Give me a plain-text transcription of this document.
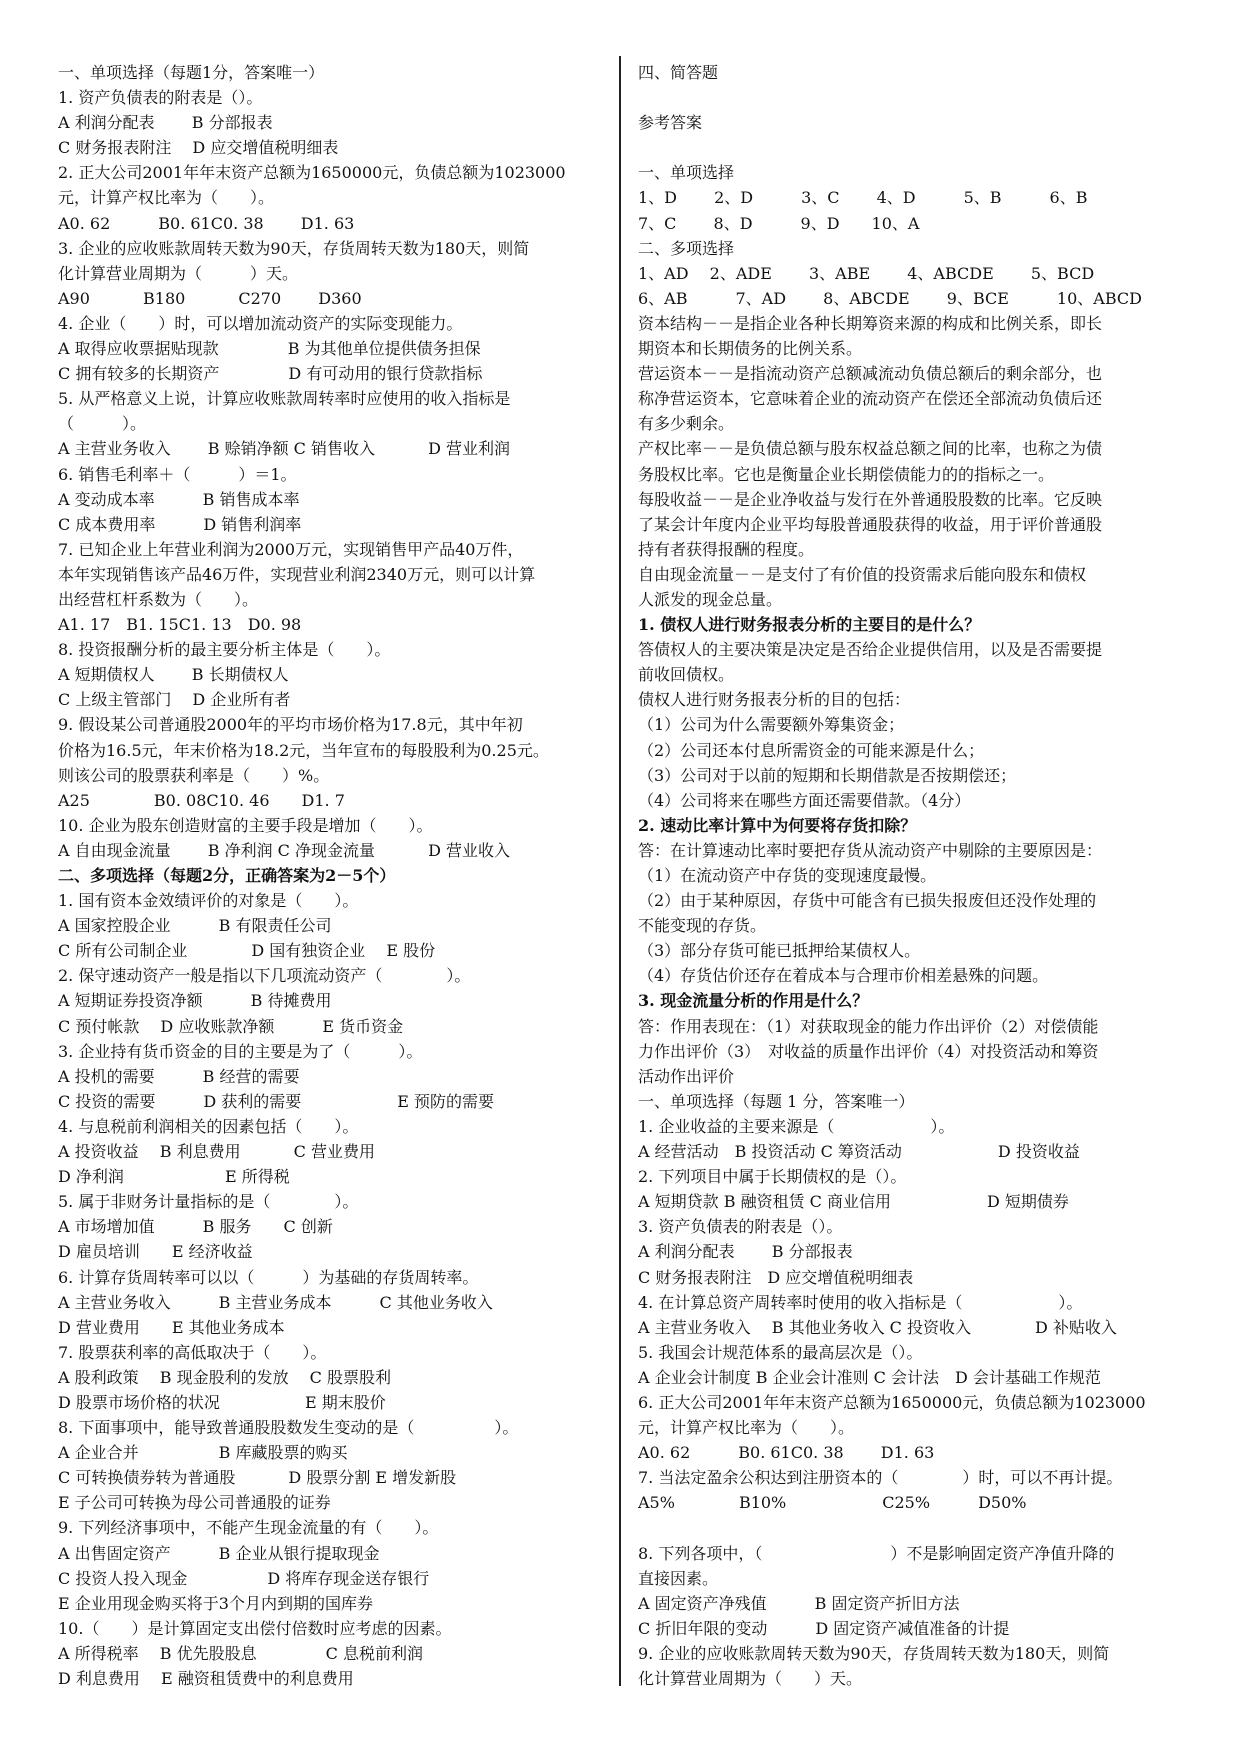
一、单项选择（每题1分，答案唯一）
1. 资产负债表的附表是（）。
A 利润分配表　　 B 分部报表
C 财务报表附注　 D 应交增值税明细表
2. 正大公司2001年年末资产总额为1650000元，负债总额为1023000
元，计算产权比率为（　　）。
A0. 62　　　B0. 61C0. 38　　 D1. 63
3. 企业的应收账款周转天数为90天，存货周转天数为180天，则简
化计算营业周期为（　　　）天。
A90　　　 B180　　　 C270　　 D360
4. 企业（　　）时，可以增加流动资产的实际变现能力。
A 取得应收票据贴现款　　　　 B 为其他单位提供债务担保
C 拥有较多的长期资产　　　　 D 有可动用的银行贷款指标
5. 从严格意义上说，计算应收账款周转率时应使用的收入指标是
（　　　）。
A 主营业务收入　　 B 赊销净额 C 销售收入　　　 D 营业利润
6. 销售毛利率＋（　　　）＝1。
A 变动成本率　　　B 销售成本率
C 成本费用率　　　D 销售利润率
7. 已知企业上年营业利润为2000万元，实现销售甲产品40万件，
本年实现销售该产品46万件，实现营业利润2340万元，则可以计算
出经营杠杆系数为（　　）。
A1. 17　B1. 15C1. 13　D0. 98
8. 投资报酬分析的最主要分析主体是（　　）。
A 短期债权人　　 B 长期债权人
C 上级主管部门　 D 企业所有者
9. 假设某公司普通股2000年的平均市场价格为17.8元，其中年初
价格为16.5元，年末价格为18.2元，当年宣布的每股股利为0.25元。
则该公司的股票获利率是（　　）%。
A25　　　　B0. 08C10. 46　　D1. 7
10. 企业为股东创造财富的主要手段是增加（　　）。
A 自由现金流量　　 B 净利润 C 净现金流量　　　 D 营业收入
二、多项选择（每题2分，正确答案为2－5个）
1. 国有资本金效绩评价的对象是（　　）。
A 国家控股企业　　　B 有限责任公司
C 所有公司制企业　　　　D 国有独资企业　 E 股份
2. 保守速动资产一般是指以下几项流动资产（　　　　）。
A 短期证券投资净额　　　B 待摊费用
C 预付帐款　 D 应收账款净额　　　E 货币资金
3. 企业持有货币资金的目的主要是为了（　　　）。
A 投机的需要　　　B 经营的需要
C 投资的需要　　　D 获利的需要　　　　　　E 预防的需要
4. 与息税前利润相关的因素包括（　　）。
A 投资收益　 B 利息费用　　　 C 营业费用
D 净利润　　　　　　 E 所得税
5. 属于非财务计量指标的是（　　　　）。
A 市场增加值　　　B 服务　　C 创新
D 雇员培训　　E 经济收益
6. 计算存货周转率可以以（　　　）为基础的存货周转率。
A 主营业务收入　　　B 主营业务成本　　　C 其他业务收入
D 营业费用　　E 其他业务成本
7. 股票获利率的高低取决于（　　）。
A 股利政策　 B 现金股利的发放　 C 股票股利
D 股票市场价格的状况　　　　　 E 期末股价
8. 下面事项中，能导致普通股股数发生变动的是（　　　　　）。
A 企业合并　　　　　B 库藏股票的购买
C 可转换债券转为普通股　　　 D 股票分割 E 增发新股
E 子公司可转换为母公司普通股的证券
9. 下列经济事项中，不能产生现金流量的有（　　）。
A 出售固定资产　　　B 企业从银行提取现金
C 投资人投入现金　　　　　D 将库存现金送存银行
E 企业用现金购买将于3个月内到期的国库券
10.（　　）是计算固定支出偿付倍数时应考虑的因素。
A 所得税率　 B 优先股股息　　　　 C 息税前利润
D 利息费用　 E 融资租赁费中的利息费用
四、简答题
参考答案
一、单项选择
1、D　　 2、D　　　3、C　　 4、D　　　5、B　　　6、B
7、C　　 8、D　　　9、D　　10、A
二、多项选择
1、AD　 2、ADE　　 3、ABE　　 4、ABCDE　　 5、BCD
6、AB　　　7、AD　　 8、ABCDE　　 9、BCE　　　10、ABCD
资本结构－－是指企业各种长期筹资来源的构成和比例关系，即长
期资本和长期债务的比例关系。
营运资本－－是指流动资产总额减流动负债总额后的剩余部分，也
称净营运资本，它意味着企业的流动资产在偿还全部流动负债后还
有多少剩余。
产权比率－－是负债总额与股东权益总额之间的比率，也称之为债
务股权比率。它也是衡量企业长期偿债能力的的指标之一。
每股收益－－是企业净收益与发行在外普通股股数的比率。它反映
了某会计年度内企业平均每股普通股获得的收益，用于评价普通股
持有者获得报酬的程度。
自由现金流量－－是支付了有价值的投资需求后能向股东和债权
人派发的现金总量。
1. 债权人进行财务报表分析的主要目的是什么？
答债权人的主要决策是决定是否给企业提供信用，以及是否需要提
前收回债权。
债权人进行财务报表分析的目的包括：
（1）公司为什么需要额外筹集资金；
（2）公司还本付息所需资金的可能来源是什么；
（3）公司对于以前的短期和长期借款是否按期偿还；
（4）公司将来在哪些方面还需要借款。（4分）
2. 速动比率计算中为何要将存货扣除？
答：在计算速动比率时要把存货从流动资产中剔除的主要原因是：
（1）在流动资产中存货的变现速度最慢。
（2）由于某种原因，存货中可能含有已损失报废但还没作处理的
不能变现的存货。
（3）部分存货可能已抵押给某债权人。
（4）存货估价还存在着成本与合理市价相差悬殊的问题。
3. 现金流量分析的作用是什么？
答：作用表现在：（1）对获取现金的能力作出评价（2）对偿债能
力作出评价（3）　对收益的质量作出评价（4）对投资活动和筹资
活动作出评价
一、单项选择（每题 1 分，答案唯一）
1. 企业收益的主要来源是（　　　　　　）。
A 经营活动　B 投资活动 C 筹资活动　　　　　　D 投资收益
2. 下列项目中属于长期债权的是（）。
A 短期贷款 B 融资租赁 C 商业信用　　　　　　D 短期债券
3. 资产负债表的附表是（）。
A 利润分配表　　 B 分部报表
C 财务报表附注　D 应交增值税明细表
4. 在计算总资产周转率时使用的收入指标是（　　　　　　）。
A 主营业务收入　 B 其他业务收入 C 投资收入　　　　D 补贴收入
5. 我国会计规范体系的最高层次是（）。
A 企业会计制度 B 企业会计准则 C 会计法　D 会计基础工作规范
6. 正大公司2001年年末资产总额为1650000元，负债总额为1023000
元，计算产权比率为（　　）。
A0. 62　　　B0. 61C0. 38　　 D1. 63
7. 当法定盈余公积达到注册资本的（　　　　）时，可以不再计提。
A5%　　　　B10%　　　　　　C25%　　　D50%
8. 下列各项中，（　　　　　　　　）不是影响固定资产净值升降的
直接因素。
A 固定资产净残值　　　B 固定资产折旧方法
C 折旧年限的变动　　　D 固定资产减值准备的计提
9. 企业的应收账款周转天数为90天，存货周转天数为180天，则简
化计算营业周期为（　　）天。
